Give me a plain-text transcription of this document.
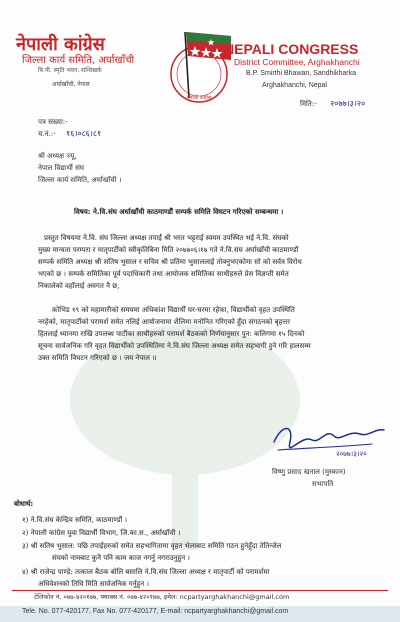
नेपाली कांग्रेस
जिल्ला कार्य समिति, अर्घाखाँची
बि.पी. स्मृति भवन, सन्धिखर्क
अर्घाखाँची, नेपाल
नेपाली कांग्रेस
NEPALI CONGRESS
District Committee, Arghakhanchi
B.P. Smirthi Bhawan, Sandhikharka
Arghakhanchi, Nepal
मिति:- २०७७।३।२०
पत्र संख्या:-
च.नं.:- १६।०८६।८१
श्री अध्यक्ष ज्यू,
नेपाल विद्यार्थी संघ
जिल्ला कार्य समिति, अर्घाखाँची ।
विषय: ने.वि.संघ अर्घाखाँची काठमाण्डौं सम्पर्क समिति विघटन गरिएको सम्बन्धमा ।
प्रस्तुत विषयमा ने.वि. संघ जिल्ला अध्यक्ष तपाईं श्री भरत भट्टराई स्वयम उपस्थित भई ने.वि. संघको
मुख्य मान्यता परम्परा र मातृपार्टीको स्वीकृतिबिना मिति २०७७०६।१७ गते ने.वि.संघ अर्घाखाँची काठमाण्डौं
सम्पर्क समिति अध्यक्ष श्री सतिष भुसाल र सचिव श्री प्रतिमा भुसाललाई तोक्नुभएकोमा सो को सर्वत्र विरोध
भएको छ । सम्पर्क समितिका पूर्व पदाधिकारी तथा आयोजक समितिका साथीहरुले प्रेस विज्ञप्ती समेत
निकालेको वहाँलाई अवगत नै छ,
कोभिड १९ को महामारीको समयमा अधिकांश विद्यार्थी घर-घरमा रहेका, विद्यार्थीको वृहत उपस्थिति
नरहेको, मातृपार्टीको परामर्श समेत नलिई आयोजनामा शैलिमा मनोनित गरिएको हुँदा संगठनको बृहत्तर
हितलाई ध्यानमा राखि उपलब्ध पार्टीका साथीहरुको परामर्श बैठकको निर्णयानुसार पुन: कलिगमा १५ दिनको
सूचना सार्वजनिक गरि वृहत विद्यार्थीको उपस्थितिमा ने.वि.संघ जिल्ला अध्यक्ष समेत सहभागी हुने गरि हालसम्म
उक्त समिति विघटन गरिएको छ । जय नेपाल ॥
२०७७।३।२०
विष्णु प्रसाद खनाल (मुस्कान)
सभापति
बोधार्थ:
१) ने.वि.संघ केन्द्रिय समिति, काठमाण्डौं ।
२) नेपाली कांग्रेस युवा विद्यार्थी विभाग, जि.का.स., अर्घाखाँची ।
३) श्री सतिष भुसाल: पछि तपाईंहरुको समेत सहभागितामा वृहत भेलाबाट समिति गठन हुनेहुँदा तेतिन्जेल
संघको नामबाट कुनै पनि काम काज नगर्नु नगराउनुहुन ।
४) श्री राजेन्द्र पाण्डे: तत्काल बैठक बोलि बसालि ने.वि.संघ जिल्ला अध्यक्ष र मातृपार्टी को परामर्शमा
अधिवेशनको तिथि मिति सार्वजनिक गर्नुहुन ।
टेलिफोन नं. ०७७-४२०१७७, फ्याक्स नं. ०७७-४२०१७७, इमेल: ncpartyarghakhanchi@gmail.com
Tele. No. 077-420177, Fax No. 077-420177, E-mail: ncpartyarghakhanchi@gmail.com
